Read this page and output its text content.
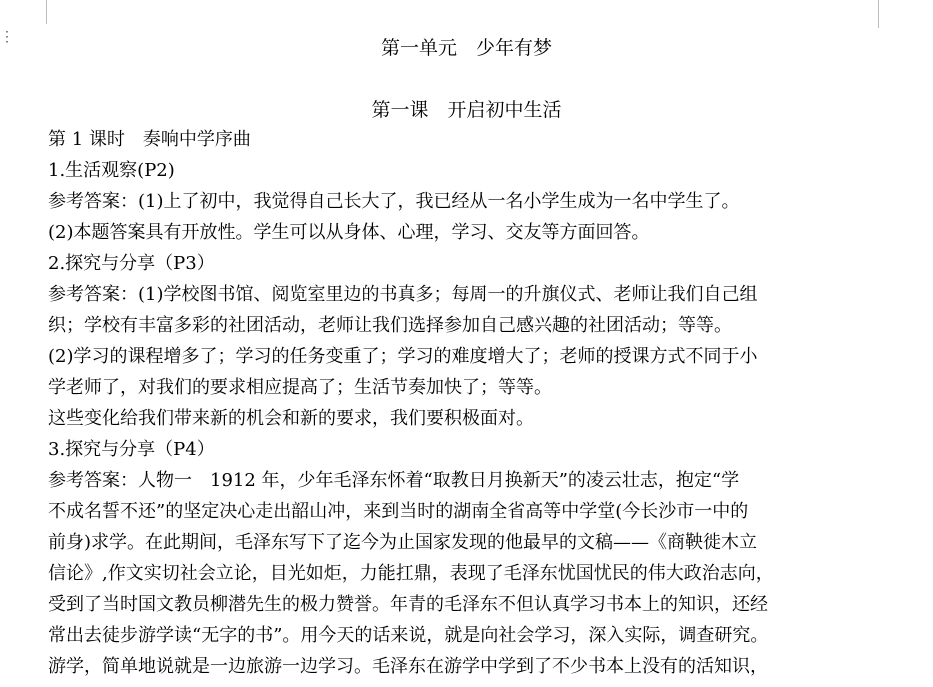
⋮	第一单元　少年有梦
第一课　开启初中生活
第 1 课时　奏响中学序曲
1.生活观察(P2)
参考答案：(1)上了初中，我觉得自己长大了，我已经从一名小学生成为一名中学生了。
(2)本题答案具有开放性。学生可以从身体、心理，学习、交友等方面回答。
2.探究与分享（P3）
参考答案：(1)学校图书馆、阅览室里边的书真多；每周一的升旗仪式、老师让我们自己组
织；学校有丰富多彩的社团活动，老师让我们选择参加自己感兴趣的社团活动；等等。
(2)学习的课程增多了；学习的任务变重了；学习的难度增大了；老师的授课方式不同于小
学老师了，对我们的要求相应提高了；生活节奏加快了；等等。
这些变化给我们带来新的机会和新的要求，我们要积极面对。
3.探究与分享（P4）
参考答案：人物一　1912 年，少年毛泽东怀着“取教日月换新天”的凌云壮志，抱定“学
不成名誓不还”的坚定决心走出韶山冲，来到当时的湖南全省高等中学堂(今长沙市一中的
前身)求学。在此期间，毛泽东写下了迄今为止国家发现的他最早的文稿——《商鞅徙木立
信论》,作文实切社会立论，目光如炬，力能扛鼎，表现了毛泽东忧国忧民的伟大政治志向，
受到了当时国文教员柳潜先生的极力赞誉。年青的毛泽东不但认真学习书本上的知识，还经
常出去徒步游学读“无字的书”。用今天的话来说，就是向社会学习，深入实际，调查研究。
游学，简单地说就是一边旅游一边学习。毛泽东在游学中学到了不少书本上没有的活知识，
